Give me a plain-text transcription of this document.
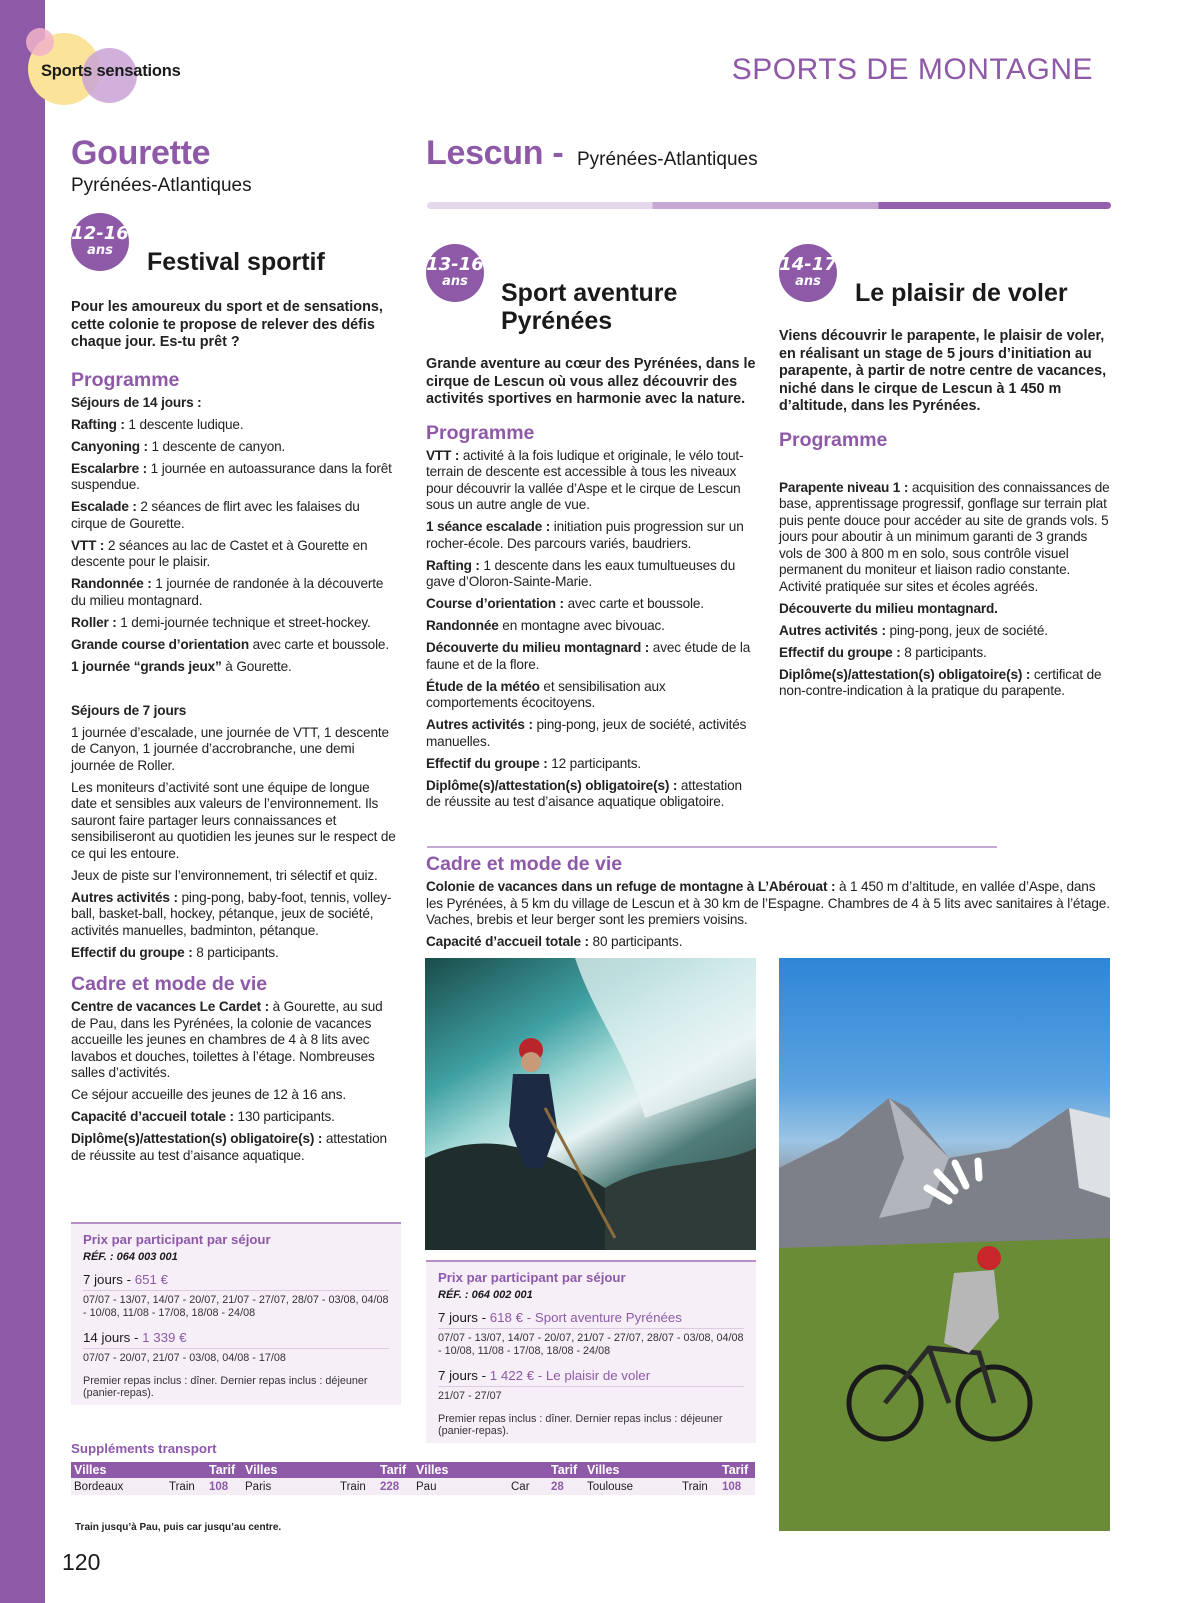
Sports sensations	SPORTS DE MONTAGNE
Gourette
Pyrénées-Atlantiques
12-16
ans	Festival sportif
Pour les amoureux du sport et de sensations, cette colonie te propose de relever des défis chaque jour. Es-tu prêt ?
Programme
Séjours de 14 jours :
Rafting : 1 descente ludique.
Canyoning : 1 descente de canyon.
Escalarbre : 1 journée en autoassurance dans la forêt suspendue.
Escalade : 2 séances de flirt avec les falaises du cirque de Gourette.
VTT : 2 séances au lac de Castet et à Gourette en descente pour le plaisir.
Randonnée : 1 journée de randonée à la découverte du milieu montagnard.
Roller : 1 demi-journée technique et street-hockey.
Grande course d’orientation avec carte et boussole.
1 journée “grands jeux” à Gourette.
Séjours de 7 jours
1 journée d’escalade, une journée de VTT, 1 descente de Canyon, 1 journée d’accrobranche, une demi journée de Roller.
Les moniteurs d’activité sont une équipe de longue date et sensibles aux valeurs de l’environnement. Ils sauront faire partager leurs connaissances et sensibiliseront au quotidien les jeunes sur le respect de ce qui les entoure.
Jeux de piste sur l’environnement, tri sélectif et quiz.
Autres activités : ping-pong, baby-foot, tennis, volley-ball, basket-ball, hockey, pétanque, jeux de société, activités manuelles, badminton, pétanque.
Effectif du groupe : 8 participants.
Cadre et mode de vie
Centre de vacances Le Cardet : à Gourette, au sud de Pau, dans les Pyrénées, la colonie de vacances accueille les jeunes en chambres de 4 à 8 lits avec lavabos et douches, toilettes à l’étage. Nombreuses salles d’activités.
Ce séjour accueille des jeunes de 12 à 16 ans.
Capacité d’accueil totale : 130 participants.
Diplôme(s)/attestation(s) obligatoire(s) : attestation de réussite au test d’aisance aquatique.
Prix par participant par séjour
RÉF. : 064 003 001
7 jours - 651 €
07/07 - 13/07, 14/07 - 20/07, 21/07 - 27/07, 28/07 - 03/08, 04/08 - 10/08, 11/08 - 17/08, 18/08 - 24/08
14 jours - 1 339 €
07/07 - 20/07, 21/07 - 03/08, 04/08 - 17/08
Premier repas inclus : dîner. Dernier repas inclus : déjeuner (panier-repas).
Lescun - Pyrénées-Atlantiques
13-16
ans	Sport aventure
Pyrénées
Grande aventure au cœur des Pyrénées, dans le cirque de Lescun où vous allez découvrir des activités sportives en harmonie avec la nature.
Programme
VTT : activité à la fois ludique et originale, le vélo tout-terrain de descente est accessible à tous les niveaux pour découvrir la vallée d’Aspe et le cirque de Lescun sous un autre angle de vue.
1 séance escalade : initiation puis progression sur un rocher-école. Des parcours variés, baudriers.
Rafting : 1 descente dans les eaux tumultueuses du gave d’Oloron-Sainte-Marie.
Course d’orientation : avec carte et boussole.
Randonnée en montagne avec bivouac.
Découverte du milieu montagnard : avec étude de la faune et de la flore.
Étude de la météo et sensibilisation aux comportements écocitoyens.
Autres activités : ping-pong, jeux de société, activités manuelles.
Effectif du groupe : 12 participants.
Diplôme(s)/attestation(s) obligatoire(s) : attestation de réussite au test d’aisance aquatique obligatoire.
14-17
ans	Le plaisir de voler
Viens découvrir le parapente, le plaisir de voler, en réalisant un stage de 5 jours d’initiation au parapente, à partir de notre centre de vacances, niché dans le cirque de Lescun à 1 450 m d’altitude, dans les Pyrénées.
Programme
Parapente niveau 1 : acquisition des connaissances de base, apprentissage progressif, gonflage sur terrain plat puis pente douce pour accéder au site de grands vols. 5 jours pour aboutir à un minimum garanti de 3 grands vols de 300 à 800 m en solo, sous contrôle visuel permanent du moniteur et liaison radio constante. Activité pratiquée sur sites et écoles agréés.
Découverte du milieu montagnard.
Autres activités : ping-pong, jeux de société.
Effectif du groupe : 8 participants.
Diplôme(s)/attestation(s) obligatoire(s) : certificat de non-contre-indication à la pratique du parapente.
Cadre et mode de vie
Colonie de vacances dans un refuge de montagne à L’Abérouat : à 1 450 m d’altitude, en vallée d’Aspe, dans les Pyrénées, à 5 km du village de Lescun et à 30 km de l’Espagne. Chambres de 4 à 5 lits avec sanitaires à l’étage. Vaches, brebis et leur berger sont les premiers voisins.
Capacité d’accueil totale : 80 participants.
Prix par participant par séjour
RÉF. : 064 002 001
7 jours - 618 € - Sport aventure Pyrénées
07/07 - 13/07, 14/07 - 20/07, 21/07 - 27/07, 28/07 - 03/08, 04/08 - 10/08, 11/08 - 17/08, 18/08 - 24/08
7 jours - 1 422 € - Le plaisir de voler
21/07 - 27/07
Premier repas inclus : dîner. Dernier repas inclus : déjeuner (panier-repas).
Suppléments transport
Villes		Tarif	Villes		Tarif	Villes		Tarif	Villes		Tarif
Bordeaux	Train	108	Paris	Train	228	Pau	Car	28	Toulouse	Train	108
Train jusqu’à Pau, puis car jusqu’au centre.
120
